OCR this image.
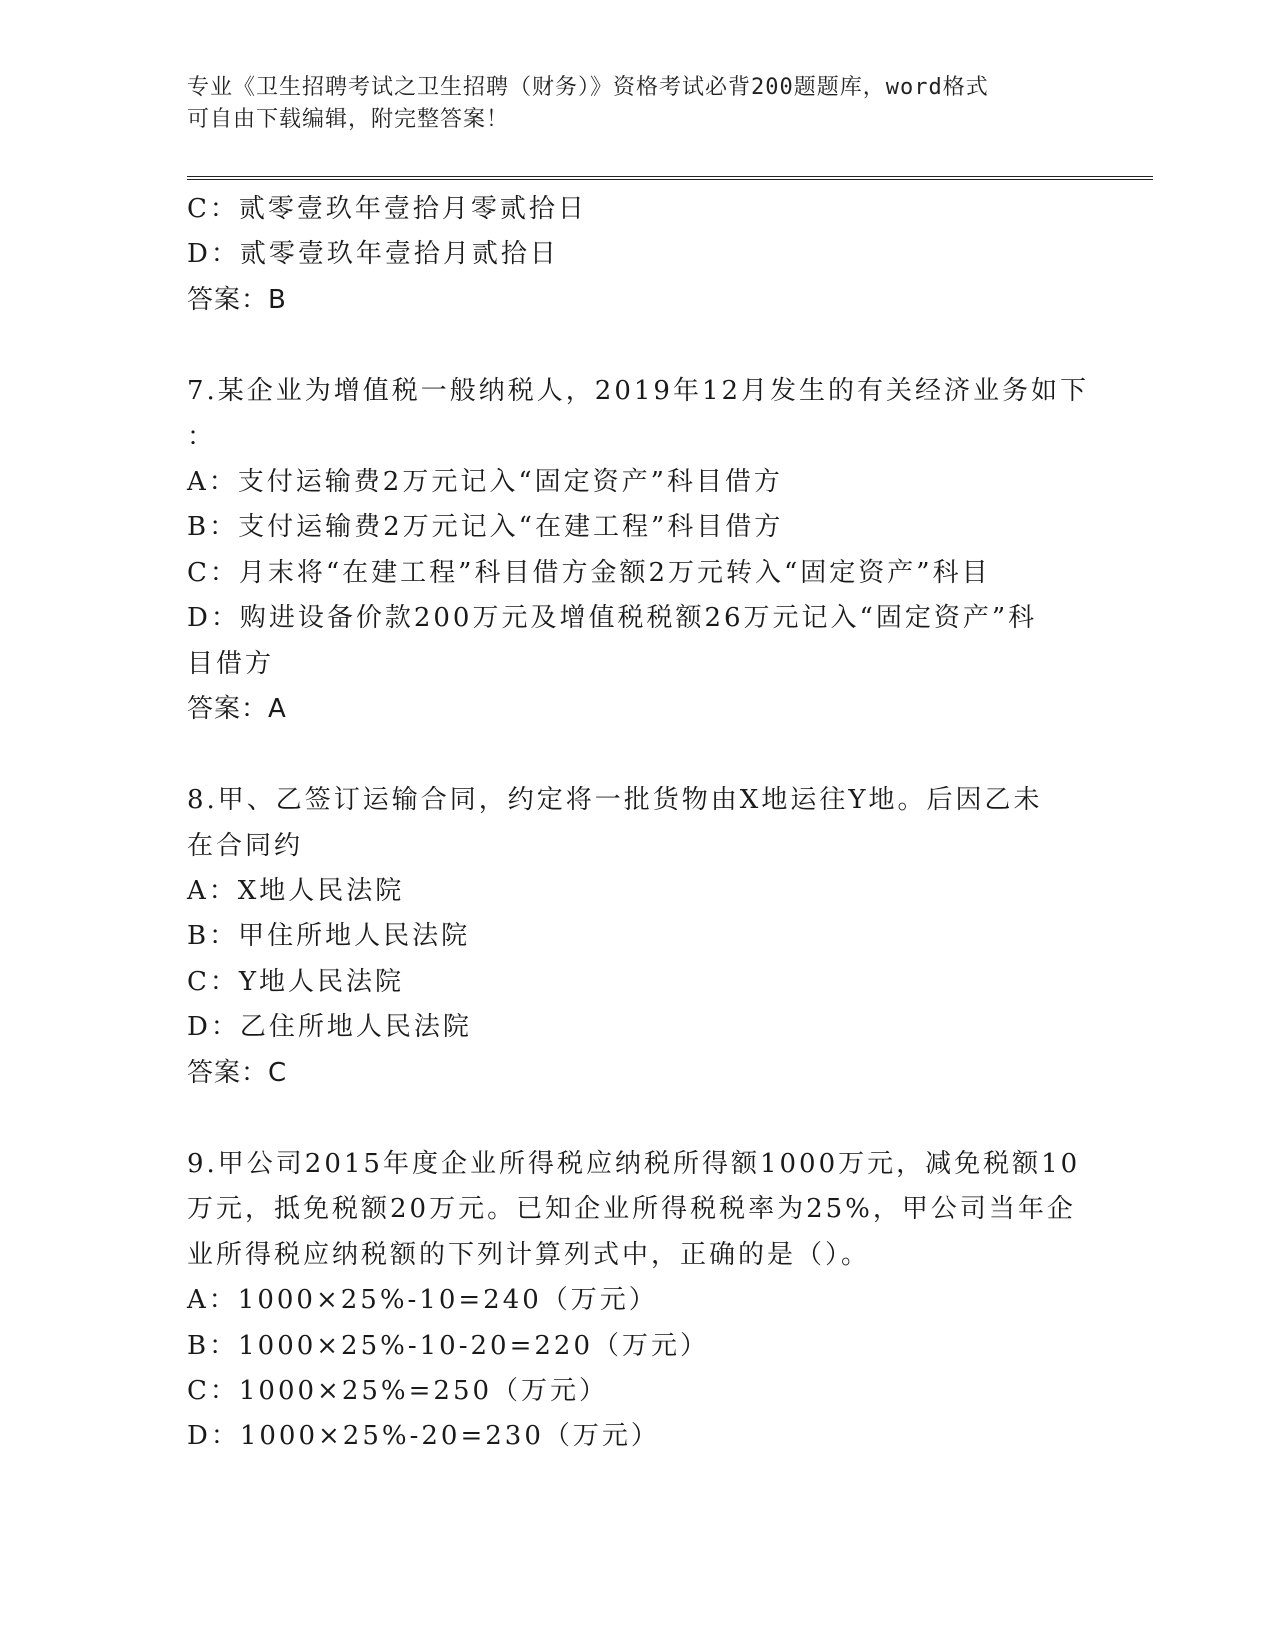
专业《卫生招聘考试之卫生招聘（财务）》资格考试必背200题题库，word格式
可自由下载编辑，附完整答案！
C：贰零壹玖年壹拾月零贰拾日
D：贰零壹玖年壹拾月贰拾日
答案：B
7.某企业为增值税一般纳税人，2019年12月发生的有关经济业务如下
：
A：支付运输费2万元记入“固定资产”科目借方
B：支付运输费2万元记入“在建工程”科目借方
C：月末将“在建工程”科目借方金额2万元转入“固定资产”科目
D：购进设备价款200万元及增值税税额26万元记入“固定资产”科
目借方
答案：A
8.甲、乙签订运输合同，约定将一批货物由X地运往Y地。后因乙未
在合同约
A：X地人民法院
B：甲住所地人民法院
C：Y地人民法院
D：乙住所地人民法院
答案：C
9.甲公司2015年度企业所得税应纳税所得额1000万元，减免税额10
万元，抵免税额20万元。已知企业所得税税率为25%，甲公司当年企
业所得税应纳税额的下列计算列式中，正确的是（）。
A：1000×25%-10=240（万元）
B：1000×25%-10-20=220（万元）
C：1000×25%=250（万元）
D：1000×25%-20=230（万元）
